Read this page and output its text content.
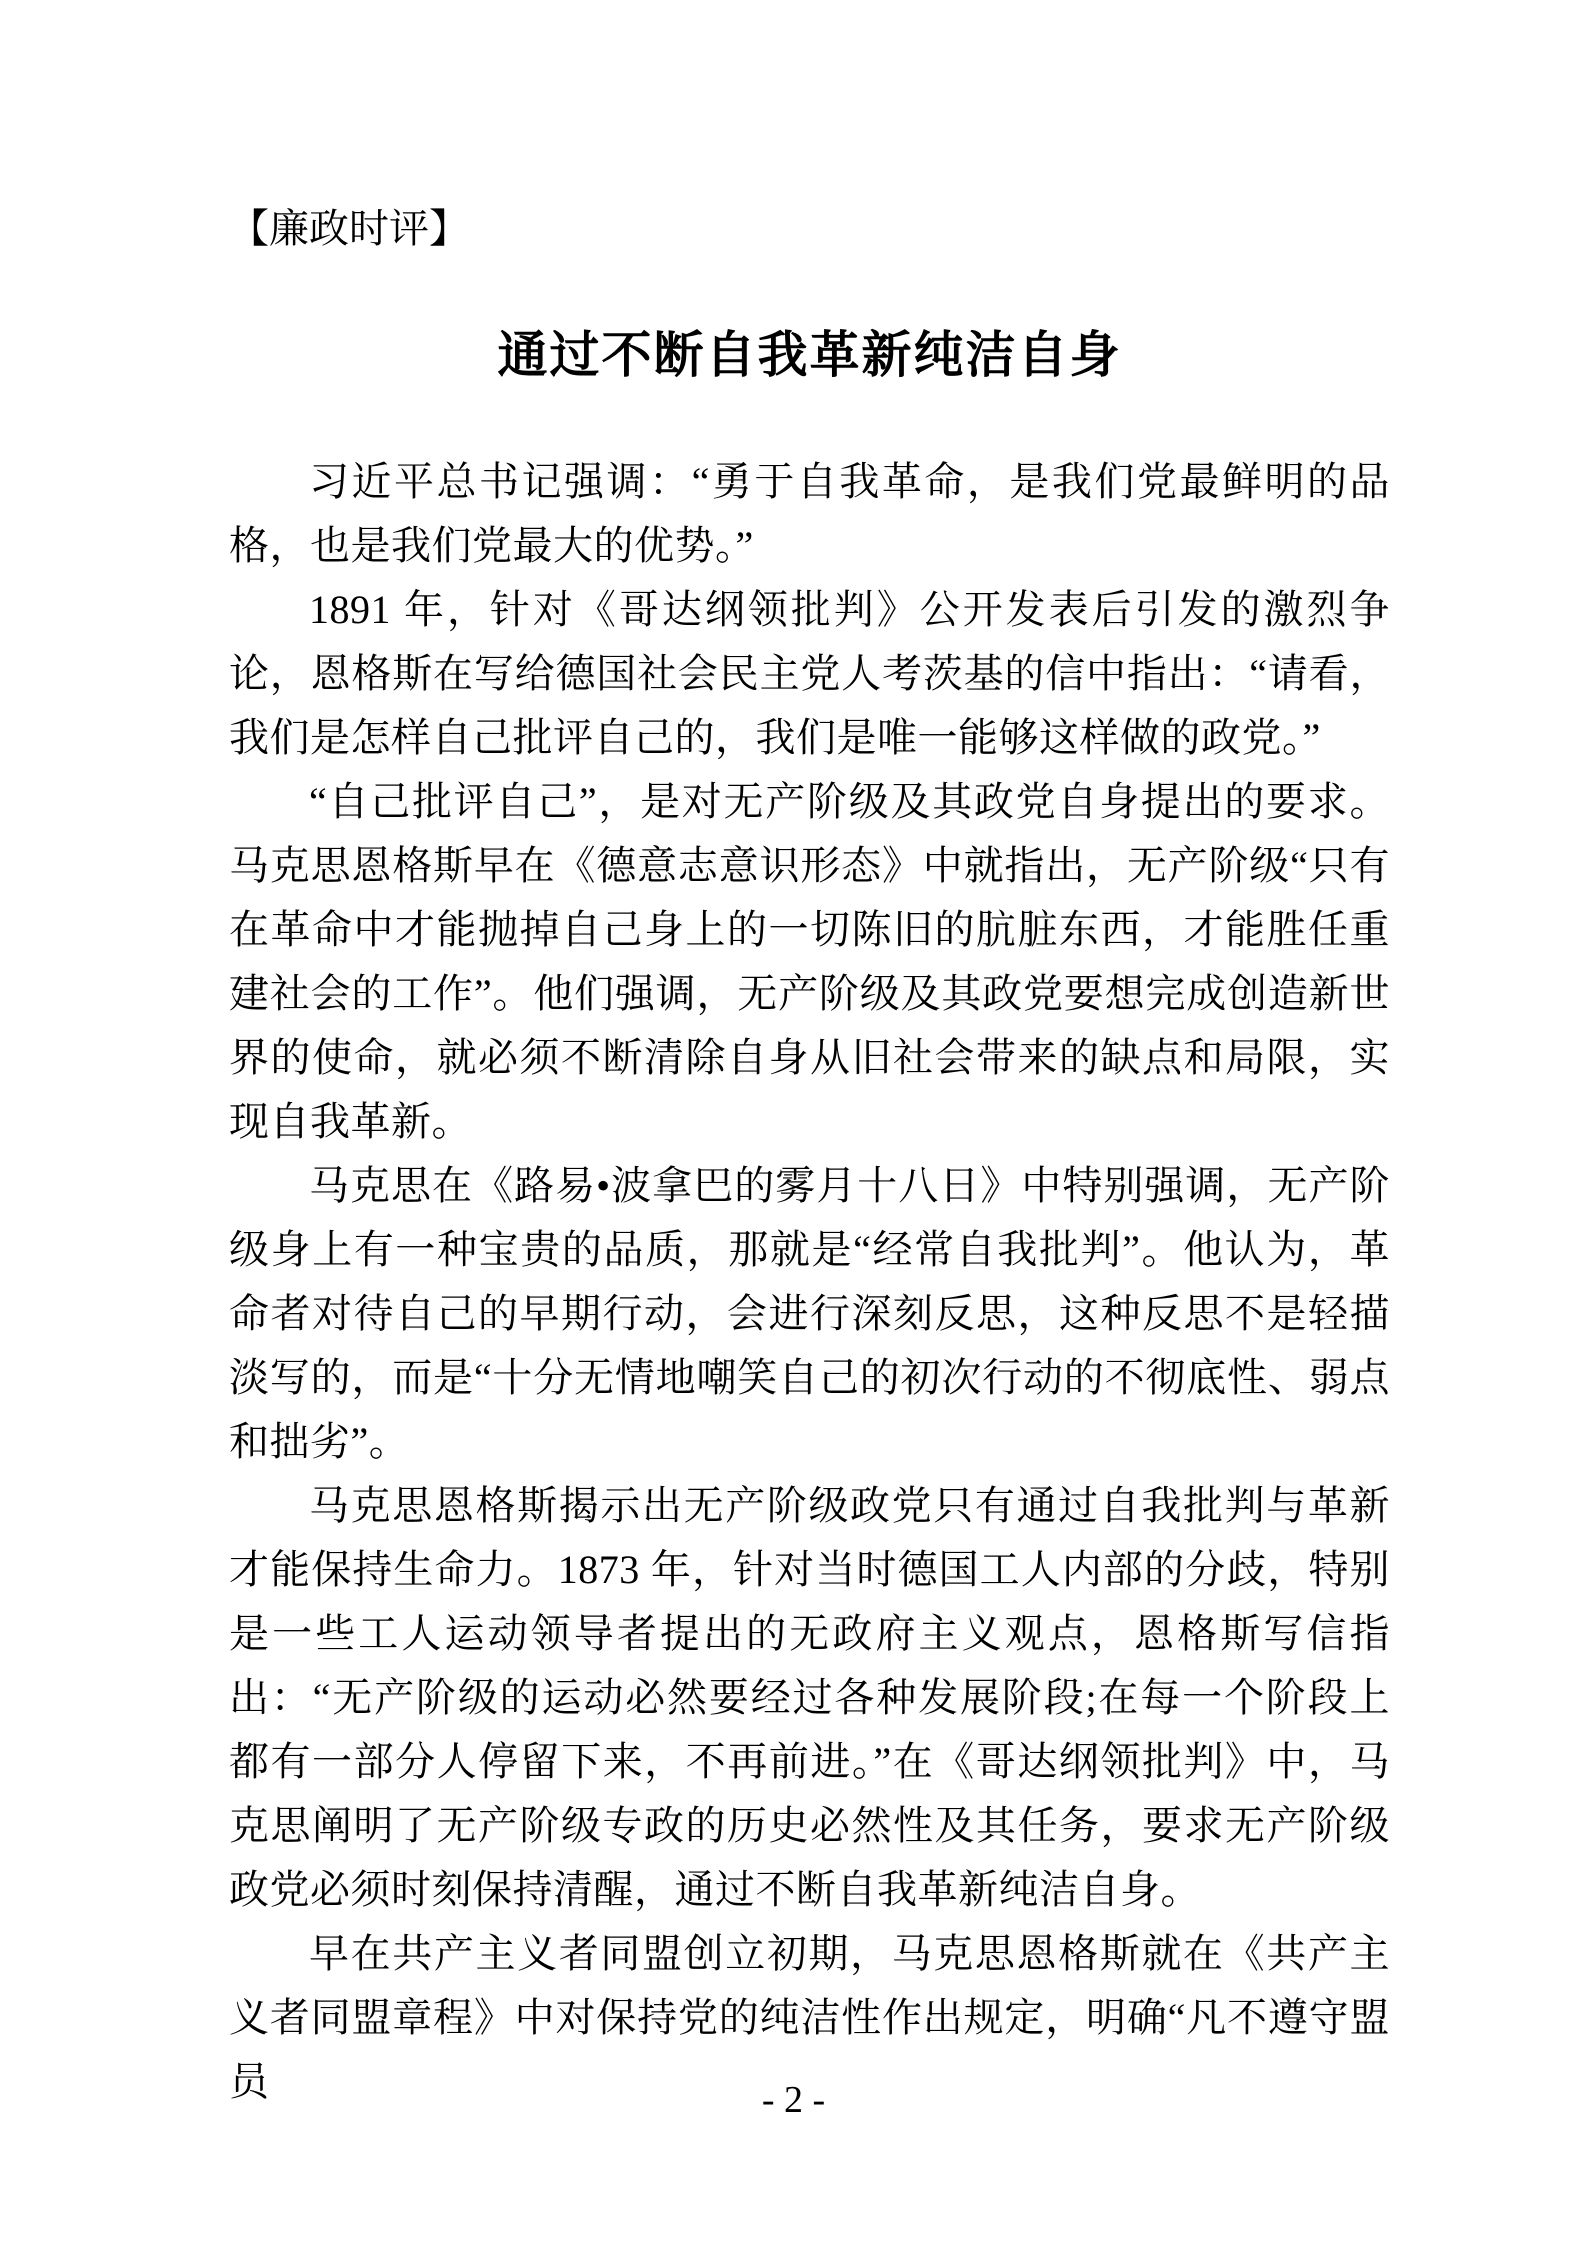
【廉政时评】
通过不断自我革新纯洁自身

习近平总书记强调：“勇于自我革命，是我们党最鲜明的品格，也是我们党最大的优势。”

1891 年，针对《哥达纲领批判》公开发表后引发的激烈争论，恩格斯在写给德国社会民主党人考茨基的信中指出：“请看，我们是怎样自己批评自己的，我们是唯一能够这样做的政党。”

“自己批评自己”，是对无产阶级及其政党自身提出的要求。马克思恩格斯早在《德意志意识形态》中就指出，无产阶级“只有在革命中才能抛掉自己身上的一切陈旧的肮脏东西，才能胜任重建社会的工作”。他们强调，无产阶级及其政党要想完成创造新世界的使命，就必须不断清除自身从旧社会带来的缺点和局限，实现自我革新。

马克思在《路易•波拿巴的雾月十八日》中特别强调，无产阶级身上有一种宝贵的品质，那就是“经常自我批判”。他认为，革命者对待自己的早期行动，会进行深刻反思，这种反思不是轻描淡写的，而是“十分无情地嘲笑自己的初次行动的不彻底性、弱点和拙劣”。

马克思恩格斯揭示出无产阶级政党只有通过自我批判与革新才能保持生命力。1873 年，针对当时德国工人内部的分歧，特别是一些工人运动领导者提出的无政府主义观点，恩格斯写信指出：“无产阶级的运动必然要经过各种发展阶段;在每一个阶段上都有一部分人停留下来，不再前进。”在《哥达纲领批判》中，马克思阐明了无产阶级专政的历史必然性及其任务，要求无产阶级政党必须时刻保持清醒，通过不断自我革新纯洁自身。

早在共产主义者同盟创立初期，马克思恩格斯就在《共产主义者同盟章程》中对保持党的纯洁性作出规定，明确“凡不遵守盟员	- 2 -
